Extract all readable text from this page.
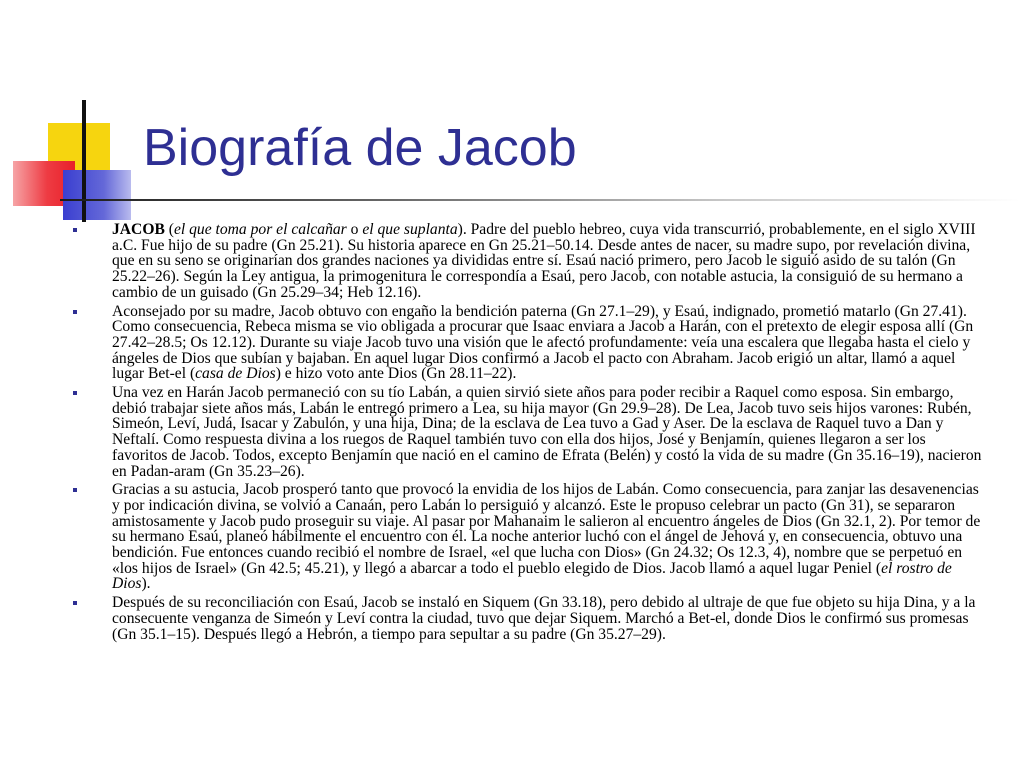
Biografía de Jacob
JACOB (el que toma por el calcañar o el que suplanta). Padre del pueblo hebreo, cuya vida transcurrió, probablemente, en el siglo XVIII a.C. Fue hijo de su padre (Gn 25.21). Su historia aparece en Gn 25.21–50.14. Desde antes de nacer, su madre supo, por revelación divina, que en su seno se originarían dos grandes naciones ya divididas entre sí. Esaú nació primero, pero Jacob le siguió asido de su talón (Gn 25.22–26). Según la Ley antigua, la primogenitura le correspondía a Esaú, pero Jacob, con notable astucia, la consiguió de su hermano a cambio de un guisado (Gn 25.29–34; Heb 12.16).
Aconsejado por su madre, Jacob obtuvo con engaño la bendición paterna (Gn 27.1–29), y Esaú, indignado, prometió matarlo (Gn 27.41). Como consecuencia, Rebeca misma se vio obligada a procurar que Isaac enviara a Jacob a Harán, con el pretexto de elegir esposa allí (Gn 27.42–28.5; Os 12.12). Durante su viaje Jacob tuvo una visión que le afectó profundamente: veía una escalera que llegaba hasta el cielo y ángeles de Dios que subían y bajaban. En aquel lugar Dios confirmó a Jacob el pacto con Abraham. Jacob erigió un altar, llamó a aquel lugar Bet-el (casa de Dios) e hizo voto ante Dios (Gn 28.11–22).
Una vez en Harán Jacob permaneció con su tío Labán, a quien sirvió siete años para poder recibir a Raquel como esposa. Sin embargo, debió trabajar siete años más, Labán le entregó primero a Lea, su hija mayor (Gn 29.9–28). De Lea, Jacob tuvo seis hijos varones: Rubén, Simeón, Leví, Judá, Isacar y Zabulón, y una hija, Dina; de la esclava de Lea tuvo a Gad y Aser. De la esclava de Raquel tuvo a Dan y Neftalí. Como respuesta divina a los ruegos de Raquel también tuvo con ella dos hijos, José y Benjamín, quienes llegaron a ser los favoritos de Jacob. Todos, excepto Benjamín que nació en el camino de Efrata (Belén) y costó la vida de su madre (Gn 35.16–19), nacieron en Padan-aram (Gn 35.23–26).
Gracias a su astucia, Jacob prosperó tanto que provocó la envidia de los hijos de Labán. Como consecuencia, para zanjar las desavenencias y por indicación divina, se volvió a Canaán, pero Labán lo persiguió y alcanzó. Este le propuso celebrar un pacto (Gn 31), se separaron amistosamente y Jacob pudo proseguir su viaje. Al pasar por Mahanaim le salieron al encuentro ángeles de Dios (Gn 32.1, 2). Por temor de su hermano Esaú, planeó hábilmente el encuentro con él. La noche anterior luchó con el ángel de Jehová y, en consecuencia, obtuvo una bendición. Fue entonces cuando recibió el nombre de Israel, «el que lucha con Dios» (Gn 24.32; Os 12.3, 4), nombre que se perpetuó en «los hijos de Israel» (Gn 42.5; 45.21), y llegó a abarcar a todo el pueblo elegido de Dios. Jacob llamó a aquel lugar Peniel (el rostro de Dios).
Después de su reconciliación con Esaú, Jacob se instaló en Siquem (Gn 33.18), pero debido al ultraje de que fue objeto su hija Dina, y a la consecuente venganza de Simeón y Leví contra la ciudad, tuvo que dejar Siquem. Marchó a Bet-el, donde Dios le confirmó sus promesas (Gn 35.1–15). Después llegó a Hebrón, a tiempo para sepultar a su padre (Gn 35.27–29).
